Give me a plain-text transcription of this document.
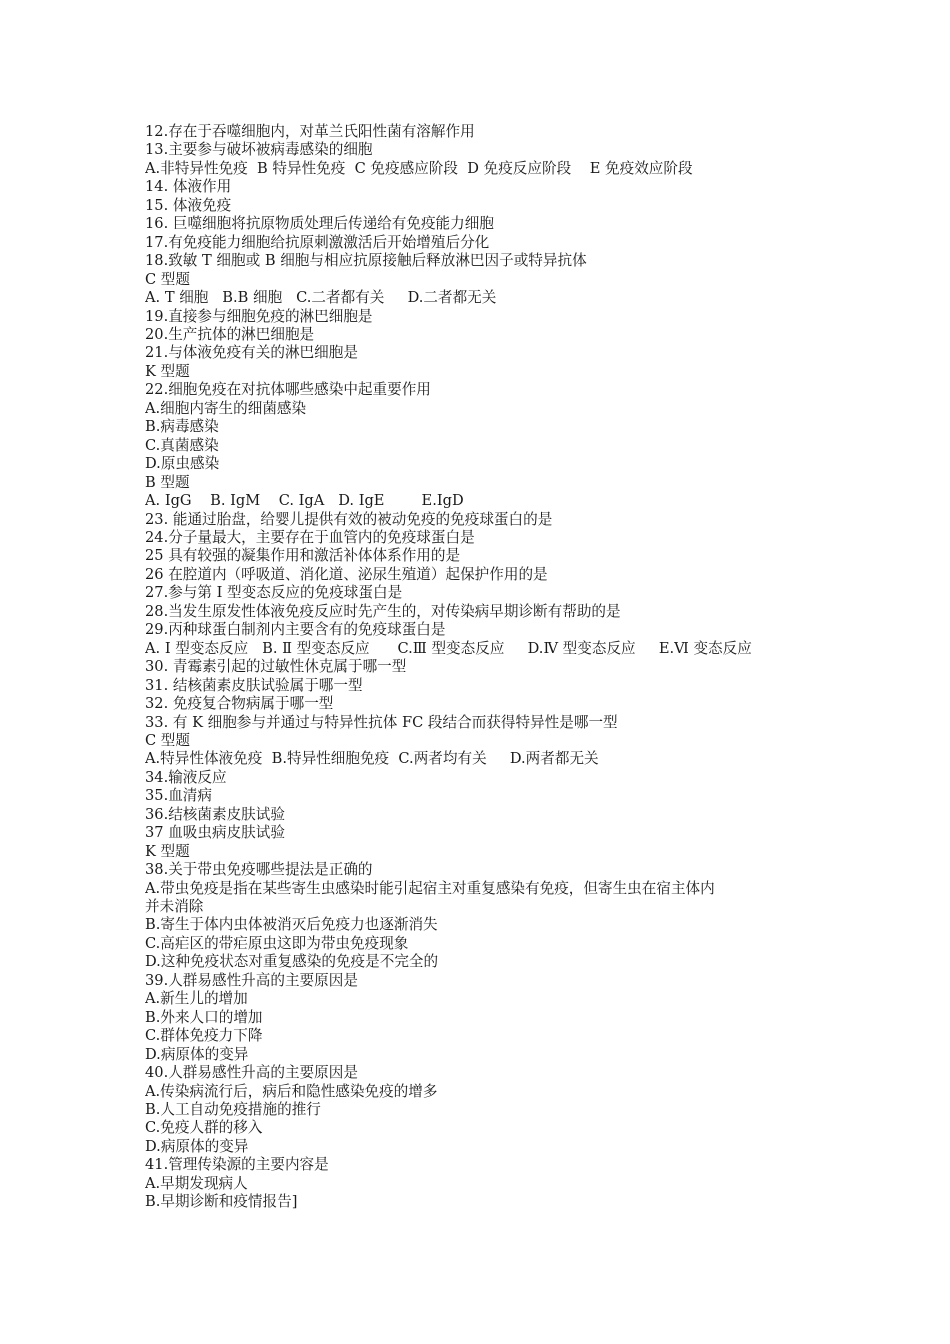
12.存在于吞噬细胞内，对革兰氏阳性菌有溶解作用
13.主要参与破坏被病毒感染的细胞
A.非特异性免疫  B 特异性免疫  C 免疫感应阶段  D 免疫反应阶段    E 免疫效应阶段
14. 体液作用
15. 体液免疫
16. 巨噬细胞将抗原物质处理后传递给有免疫能力细胞
17.有免疫能力细胞给抗原刺激激活后开始增殖后分化
18.致敏 T 细胞或 B 细胞与相应抗原接触后释放淋巴因子或特异抗体
C 型题
A. T 细胞   B.B 细胞   C.二者都有关     D.二者都无关
19.直接参与细胞免疫的淋巴细胞是
20.生产抗体的淋巴细胞是
21.与体液免疫有关的淋巴细胞是
K 型题
22.细胞免疫在对抗体哪些感染中起重要作用
A.细胞内寄生的细菌感染
B.病毒感染
C.真菌感染
D.原虫感染
B 型题
A. IgG    B. IgM    C. IgA   D. IgE        E.IgD
23. 能通过胎盘，给婴儿提供有效的被动免疫的免疫球蛋白的是
24.分子量最大，主要存在于血管内的免疫球蛋白是
25 具有较强的凝集作用和激活补体体系作用的是
26 在腔道内（呼吸道、消化道、泌尿生殖道）起保护作用的是
27.参与第 I 型变态反应的免疫球蛋白是
28.当发生原发性体液免疫反应时先产生的，对传染病早期诊断有帮助的是
29.丙种球蛋白制剂内主要含有的免疫球蛋白是
A. I 型变态反应   B. Ⅱ 型变态反应      C.Ⅲ 型变态反应     D.Ⅳ 型变态反应     E.Ⅵ 变态反应
30. 青霉素引起的过敏性休克属于哪一型
31. 结核菌素皮肤试验属于哪一型
32. 免疫复合物病属于哪一型
33. 有 K 细胞参与并通过与特异性抗体 FC 段结合而获得特异性是哪一型
C 型题
A.特异性体液免疫  B.特异性细胞免疫  C.两者均有关     D.两者都无关
34.输液反应
35.血清病
36.结核菌素皮肤试验
37 血吸虫病皮肤试验
K 型题
38.关于带虫免疫哪些提法是正确的
A.带虫免疫是指在某些寄生虫感染时能引起宿主对重复感染有免疫，但寄生虫在宿主体内
并未消除
B.寄生于体内虫体被消灭后免疫力也逐渐消失
C.高疟区的带疟原虫这即为带虫免疫现象
D.这种免疫状态对重复感染的免疫是不完全的
39.人群易感性升高的主要原因是
A.新生儿的增加
B.外来人口的增加
C.群体免疫力下降
D.病原体的变异
40.人群易感性升高的主要原因是
A.传染病流行后，病后和隐性感染免疫的增多
B.人工自动免疫措施的推行
C.免疫人群的移入
D.病原体的变异
41.管理传染源的主要内容是
A.早期发现病人
B.早期诊断和疫情报告]
